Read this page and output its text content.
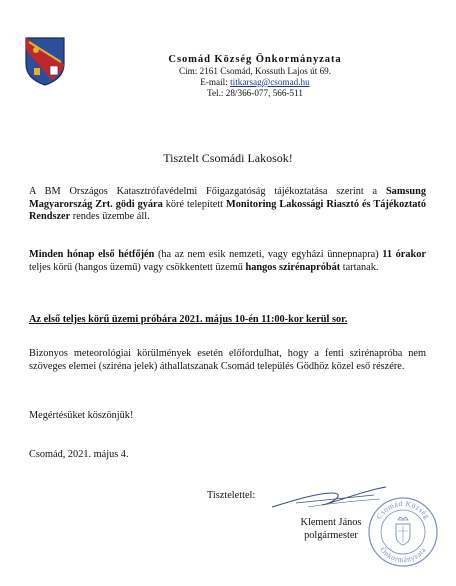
Csomád Község Önkormányzata
Cím: 2161 Csomád, Kossuth Lajos út 69.
E-mail: titkarsag@csomad.hu
Tel.: 28/366-077, 566-511
Tisztelt Csomádi Lakosok!
A BM Országos Katasztrófavédelmi Főigazgatóság tájékoztatása szerint a Samsung Magyarország Zrt. gödi gyára köré telepített Monitoring Lakossági Riasztó és Tájékoztató Rendszer rendes üzembe áll.
Minden hónap első hétfőjén (ha az nem esik nemzeti, vagy egyházi ünnepnapra) 11 órakor teljes körű (hangos üzemű) vagy csökkentett üzemű hangos szirénapróbát tartanak.
Az első teljes körű üzemi próbára 2021. május 10-én 11:00-kor kerül sor.
Bizonyos meteorológiai körülmények esetén előfordulhat, hogy a fenti szirénapróba nem szöveges elemei (sziréna jelek) áthallatszanak Csomád település Gödhöz közel eső részére.
Megértésüket köszönjük!
Csomád, 2021. május 4.
Tisztelettel:
Klement János
polgármester
Csomád Község
Önkormányzata
